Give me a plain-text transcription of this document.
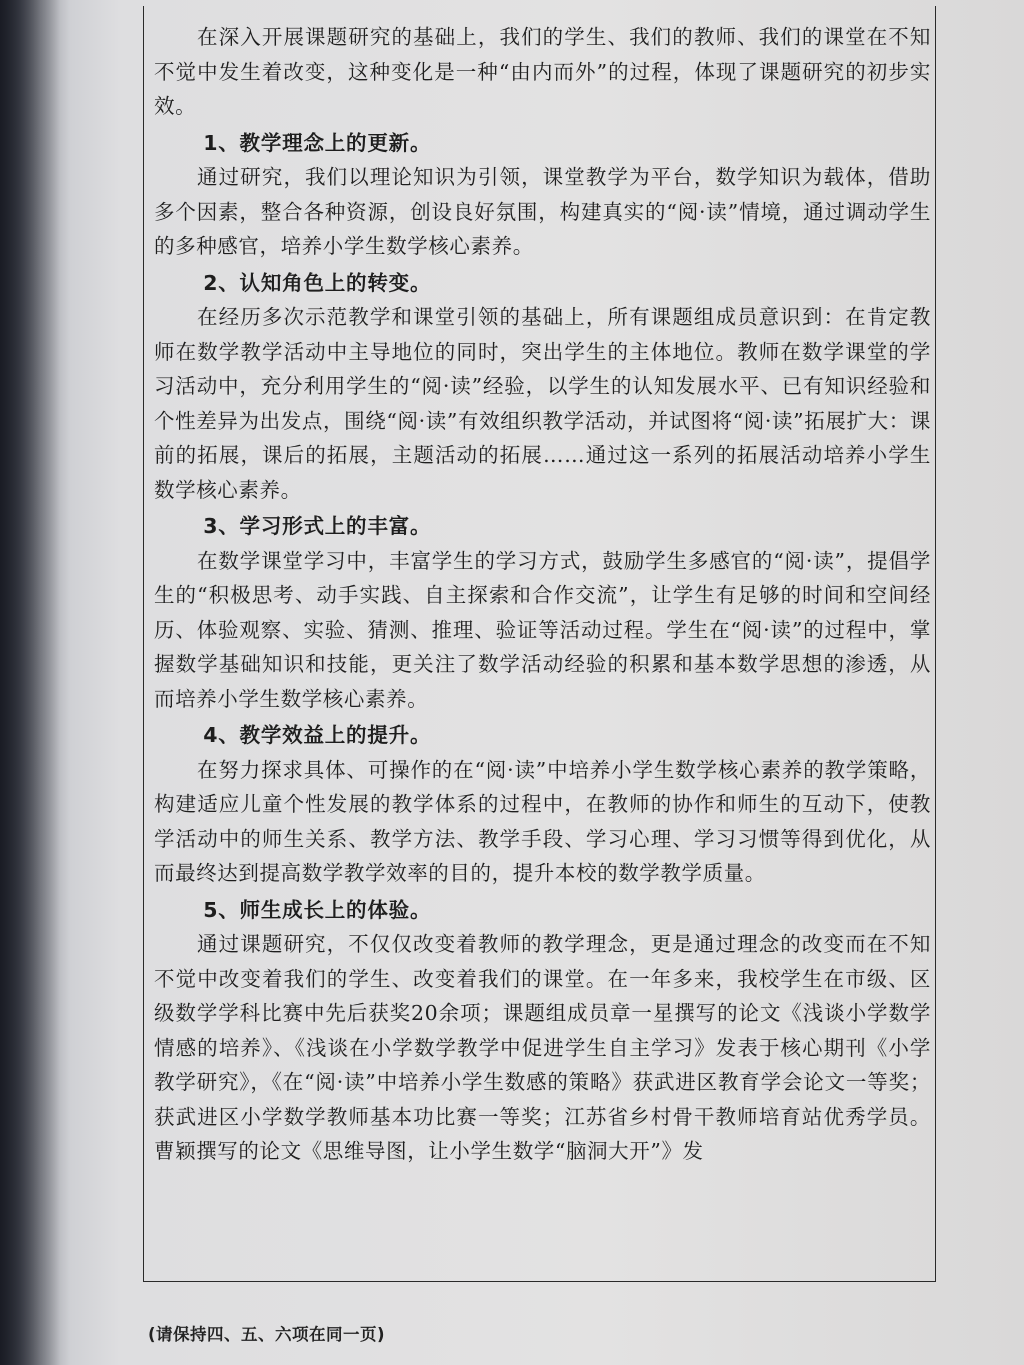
在深入开展课题研究的基础上，我们的学生、我们的教师、我们的课堂在不知不觉中发生着改变，这种变化是一种“由内而外”的过程，体现了课题研究的初步实效。

1、教学理念上的更新。

通过研究，我们以理论知识为引领，课堂教学为平台，数学知识为载体，借助多个因素，整合各种资源，创设良好氛围，构建真实的“阅·读”情境，通过调动学生的多种感官，培养小学生数学核心素养。

2、认知角色上的转变。

在经历多次示范教学和课堂引领的基础上，所有课题组成员意识到：在肯定教师在数学教学活动中主导地位的同时，突出学生的主体地位。教师在数学课堂的学习活动中，充分利用学生的“阅·读”经验，以学生的认知发展水平、已有知识经验和个性差异为出发点，围绕“阅·读”有效组织教学活动，并试图将“阅·读”拓展扩大：课前的拓展，课后的拓展，主题活动的拓展……通过这一系列的拓展活动培养小学生数学核心素养。

3、学习形式上的丰富。

在数学课堂学习中，丰富学生的学习方式，鼓励学生多感官的“阅·读”，提倡学生的“积极思考、动手实践、自主探索和合作交流”，让学生有足够的时间和空间经历、体验观察、实验、猜测、推理、验证等活动过程。学生在“阅·读”的过程中，掌握数学基础知识和技能，更关注了数学活动经验的积累和基本数学思想的渗透，从而培养小学生数学核心素养。

4、教学效益上的提升。

在努力探求具体、可操作的在“阅·读”中培养小学生数学核心素养的教学策略，构建适应儿童个性发展的教学体系的过程中，在教师的协作和师生的互动下，使教学活动中的师生关系、教学方法、教学手段、学习心理、学习习惯等得到优化，从而最终达到提高数学教学效率的目的，提升本校的数学教学质量。

5、师生成长上的体验。

通过课题研究，不仅仅改变着教师的教学理念，更是通过理念的改变而在不知不觉中改变着我们的学生、改变着我们的课堂。在一年多来，我校学生在市级、区级数学学科比赛中先后获奖20余项；课题组成员章一星撰写的论文《浅谈小学数学情感的培养》、《浅谈在小学数学教学中促进学生自主学习》发表于核心期刊《小学教学研究》，《在“阅·读”中培养小学生数感的策略》获武进区教育学会论文一等奖；获武进区小学数学教师基本功比赛一等奖；江苏省乡村骨干教师培育站优秀学员。曹颖撰写的论文《思维导图，让小学生数学“脑洞大开”》发

(请保持四、五、六项在同一页)
